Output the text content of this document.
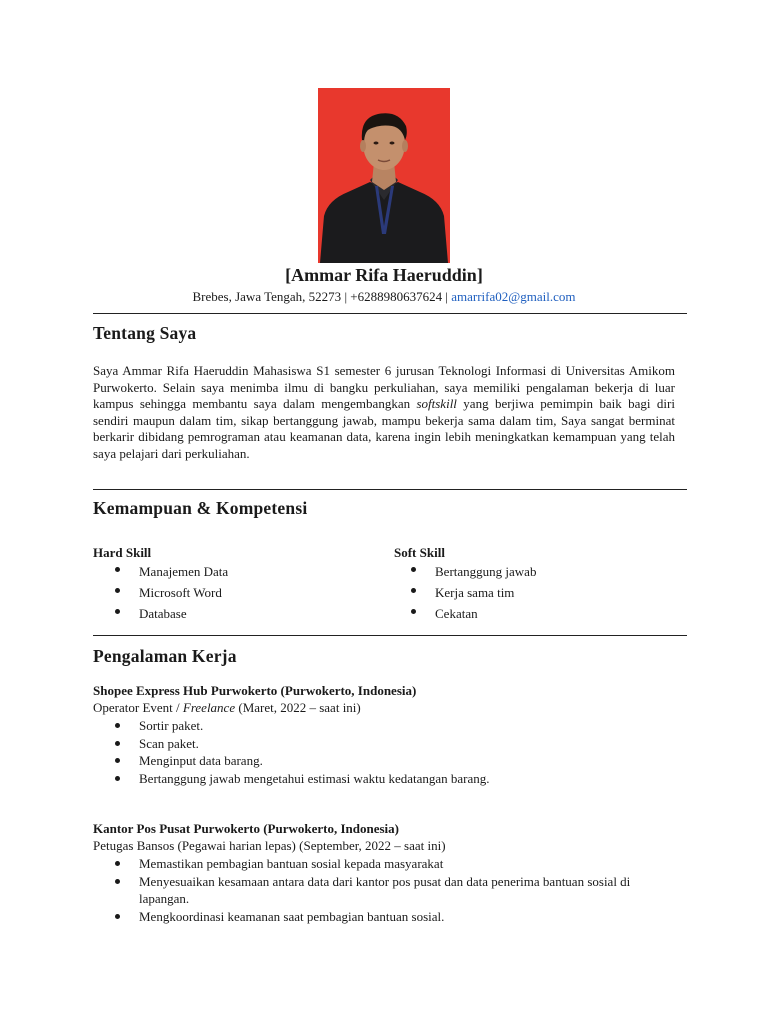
[Ammar Rifa Haeruddin]
Brebes, Jawa Tengah, 52273 | +6288980637624 | amarrifa02@gmail.com
Tentang Saya
Saya Ammar Rifa Haeruddin Mahasiswa S1 semester 6 jurusan Teknologi Informasi di Universitas Amikom Purwokerto. Selain saya menimba ilmu di bangku perkuliahan, saya memiliki pengalaman bekerja di luar kampus sehingga membantu saya dalam mengembangkan softskill yang berjiwa pemimpin baik bagi diri sendiri maupun dalam tim, sikap bertanggung jawab, mampu bekerja sama dalam tim, Saya sangat berminat berkarir dibidang pemrograman atau keamanan data, karena ingin lebih meningkatkan kemampuan yang telah saya pelajari dari perkuliahan.
Kemampuan & Kompetensi
Hard Skill
Manajemen Data
Microsoft Word
Database
Soft Skill
Bertanggung jawab
Kerja sama tim
Cekatan
Pengalaman Kerja
Shopee Express Hub Purwokerto (Purwokerto, Indonesia)
Operator Event / Freelance (Maret, 2022 – saat ini)
Sortir paket.
Scan paket.
Menginput data barang.
Bertanggung jawab mengetahui estimasi waktu kedatangan barang.
Kantor Pos Pusat Purwokerto (Purwokerto, Indonesia)
Petugas Bansos (Pegawai harian lepas) (September, 2022 – saat ini)
Memastikan pembagian bantuan sosial kepada masyarakat
Menyesuaikan kesamaan antara data dari kantor pos pusat dan data penerima bantuan sosial di lapangan.
Mengkoordinasi keamanan saat pembagian bantuan sosial.
